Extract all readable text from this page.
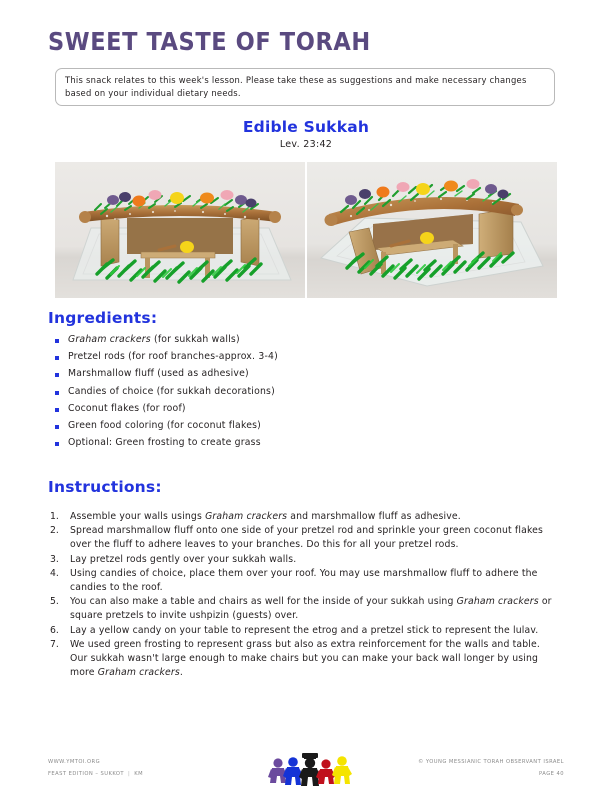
SWEET TASTE OF TORAH
This snack relates to this week's lesson. Please take these as suggestions and make necessary changes based on your individual dietary needs.
Edible Sukkah
Lev. 23:42
Ingredients:
Graham crackers (for sukkah walls)
Pretzel rods (for roof branches-approx. 3-4)
Marshmallow fluff (used as adhesive)
Candies of choice (for sukkah decorations)
Coconut flakes (for roof)
Green food coloring (for coconut flakes)
Optional: Green frosting to create grass
Instructions:
1.	Assemble your walls usings Graham crackers and marshmallow fluff as adhesive.
2.	Spread marshmallow fluff onto one side of your pretzel rod and sprinkle your green coconut flakes over the fluff to adhere leaves to your branches. Do this for all your pretzel rods.
3.	Lay pretzel rods gently over your sukkah walls.
4.	Using candies of choice, place them over your roof. You may use marshmallow fluff to adhere the candies to the roof.
5.	You can also make a table and chairs as well for the inside of your sukkah using Graham crackers or square pretzels to invite ushpizin (guests) over.
6.	Lay a yellow candy on your table to represent the etrog and a pretzel stick to represent the lulav.
7.	We used green frosting to represent grass but also as extra reinforcement for the walls and table. Our sukkah wasn't large enough to make chairs but you can make your back wall longer by using more Graham crackers.
WWW.YMTOI.ORG
FEAST EDITION – SUKKOT | KM
© YOUNG MESSIANIC TORAH OBSERVANT ISRAEL
PAGE 40
